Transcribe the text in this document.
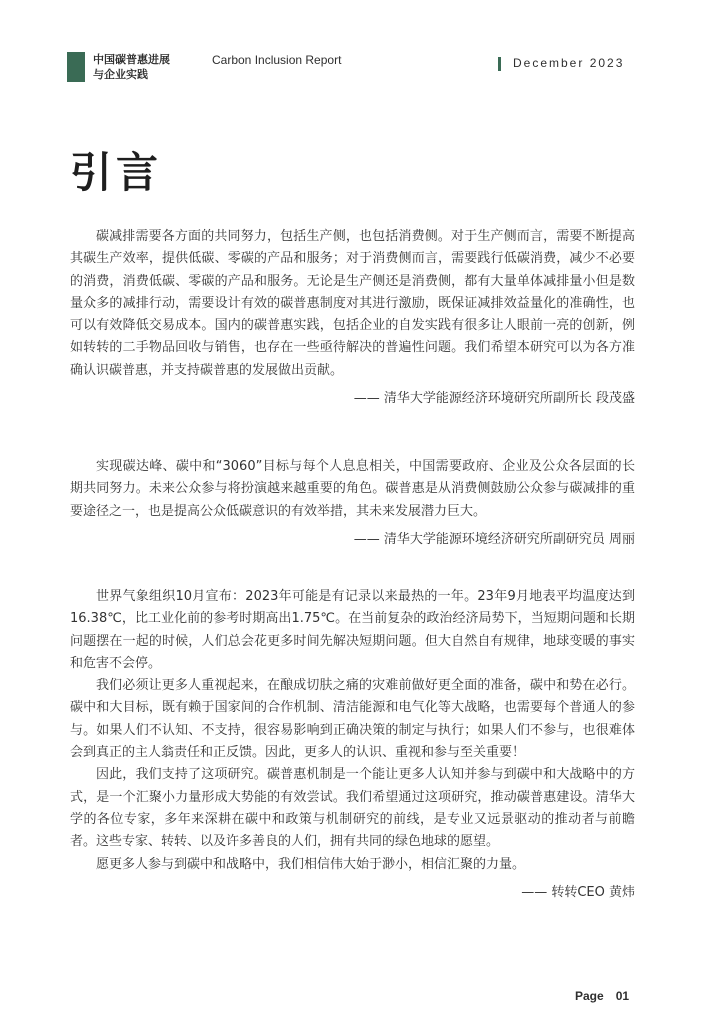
中国碳普惠进展
与企业实践
Carbon Inclusion Report	December 2023
引言

碳减排需要各方面的共同努力，包括生产侧，也包括消费侧。对于生产侧而言，需要不断提高其碳生产效率，提供低碳、零碳的产品和服务；对于消费侧而言，需要践行低碳消费，减少不必要的消费，消费低碳、零碳的产品和服务。无论是生产侧还是消费侧，都有大量单体减排量小但是数量众多的减排行动，需要设计有效的碳普惠制度对其进行激励，既保证减排效益量化的准确性，也可以有效降低交易成本。国内的碳普惠实践，包括企业的自发实践有很多让人眼前一亮的创新，例如转转的二手物品回收与销售，也存在一些亟待解决的普遍性问题。我们希望本研究可以为各方准确认识碳普惠，并支持碳普惠的发展做出贡献。

—— 清华大学能源经济环境研究所副所长 段茂盛

实现碳达峰、碳中和“3060”目标与每个人息息相关，中国需要政府、企业及公众各层面的长期共同努力。未来公众参与将扮演越来越重要的角色。碳普惠是从消费侧鼓励公众参与碳减排的重要途径之一，也是提高公众低碳意识的有效举措，其未来发展潜力巨大。

—— 清华大学能源环境经济研究所副研究员 周丽

世界气象组织10月宣布：2023年可能是有记录以来最热的一年。23年9月地表平均温度达到16.38℃，比工业化前的参考时期高出1.75℃。在当前复杂的政治经济局势下，当短期问题和长期问题摆在一起的时候，人们总会花更多时间先解决短期问题。但大自然自有规律，地球变暖的事实和危害不会停。

我们必须让更多人重视起来，在酿成切肤之痛的灾难前做好更全面的准备，碳中和势在必行。碳中和大目标，既有赖于国家间的合作机制、清洁能源和电气化等大战略，也需要每个普通人的参与。如果人们不认知、不支持，很容易影响到正确决策的制定与执行；如果人们不参与，也很难体会到真正的主人翁责任和正反馈。因此，更多人的认识、重视和参与至关重要！

因此，我们支持了这项研究。碳普惠机制是一个能让更多人认知并参与到碳中和大战略中的方式，是一个汇聚小力量形成大势能的有效尝试。我们希望通过这项研究，推动碳普惠建设。清华大学的各位专家，多年来深耕在碳中和政策与机制研究的前线，是专业又远景驱动的推动者与前瞻者。这些专家、转转、以及许多善良的人们，拥有共同的绿色地球的愿望。

愿更多人参与到碳中和战略中，我们相信伟大始于渺小，相信汇聚的力量。

—— 转转CEO 黄炜

Page 01
